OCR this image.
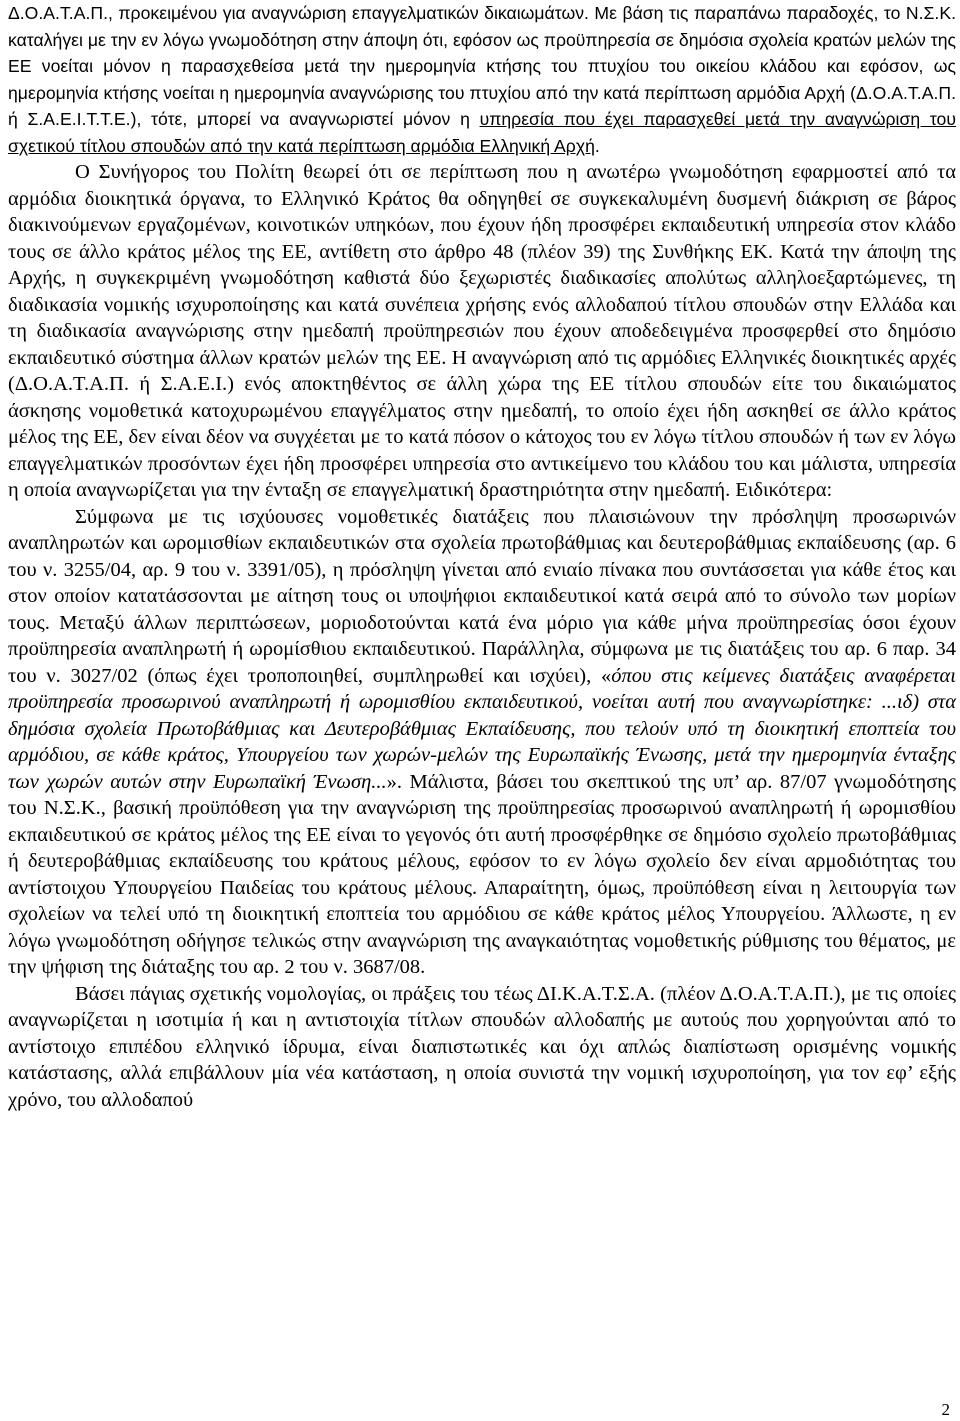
Δ.Ο.Α.Τ.Α.Π., προκειμένου για αναγνώριση επαγγελματικών δικαιωμάτων. Με βάση τις παραπάνω παραδοχές, το Ν.Σ.Κ. καταλήγει με την εν λόγω γνωμοδότηση στην άποψη ότι, εφόσον ως προϋπηρεσία σε δημόσια σχολεία κρατών μελών της ΕΕ νοείται μόνον η παρασχεθείσα μετά την ημερομηνία κτήσης του πτυχίου του οικείου κλάδου και εφόσον, ως ημερομηνία κτήσης νοείται η ημερομηνία αναγνώρισης του πτυχίου από την κατά περίπτωση αρμόδια Αρχή (Δ.Ο.Α.Τ.Α.Π. ή Σ.Α.Ε.Ι.Τ.Τ.Ε.), τότε, μπορεί να αναγνωριστεί μόνον η υπηρεσία που έχει παρασχεθεί μετά την αναγνώριση του σχετικού τίτλου σπουδών από την κατά περίπτωση αρμόδια Ελληνική Αρχή.

Ο Συνήγορος του Πολίτη θεωρεί ότι σε περίπτωση που η ανωτέρω γνωμοδότηση εφαρμοστεί από τα αρμόδια διοικητικά όργανα, το Ελληνικό Κράτος θα οδηγηθεί σε συγκεκαλυμένη δυσμενή διάκριση σε βάρος διακινούμενων εργαζομένων, κοινοτικών υπηκόων, που έχουν ήδη προσφέρει εκπαιδευτική υπηρεσία στον κλάδο τους σε άλλο κράτος μέλος της ΕΕ, αντίθετη στο άρθρο 48 (πλέον 39) της Συνθήκης ΕΚ. Κατά την άποψη της Αρχής, η συγκεκριμένη γνωμοδότηση καθιστά δύο ξεχωριστές διαδικασίες απολύτως αλληλοεξαρτώμενες, τη διαδικασία νομικής ισχυροποίησης και κατά συνέπεια χρήσης ενός αλλοδαπού τίτλου σπουδών στην Ελλάδα και τη διαδικασία αναγνώρισης στην ημεδαπή προϋπηρεσιών που έχουν αποδεδειγμένα προσφερθεί στο δημόσιο εκπαιδευτικό σύστημα άλλων κρατών μελών της ΕΕ. Η αναγνώριση από τις αρμόδιες Ελληνικές διοικητικές αρχές (Δ.Ο.Α.Τ.Α.Π. ή Σ.Α.Ε.Ι.) ενός αποκτηθέντος σε άλλη χώρα της ΕΕ τίτλου σπουδών είτε του δικαιώματος άσκησης νομοθετικά κατοχυρωμένου επαγγέλματος στην ημεδαπή, το οποίο έχει ήδη ασκηθεί σε άλλο κράτος μέλος της ΕΕ, δεν είναι δέον να συγχέεται με το κατά πόσον ο κάτοχος του εν λόγω τίτλου σπουδών ή των εν λόγω επαγγελματικών προσόντων έχει ήδη προσφέρει υπηρεσία στο αντικείμενο του κλάδου του και μάλιστα, υπηρεσία η οποία αναγνωρίζεται για την ένταξη σε επαγγελματική δραστηριότητα στην ημεδαπή. Ειδικότερα:

Σύμφωνα με τις ισχύουσες νομοθετικές διατάξεις που πλαισιώνουν την πρόσληψη προσωρινών αναπληρωτών και ωρομισθίων εκπαιδευτικών στα σχολεία πρωτοβάθμιας και δευτεροβάθμιας εκπαίδευσης (αρ. 6 του ν. 3255/04, αρ. 9 του ν. 3391/05), η πρόσληψη γίνεται από ενιαίο πίνακα που συντάσσεται για κάθε έτος και στον οποίον κατατάσσονται με αίτηση τους οι υποψήφιοι εκπαιδευτικοί κατά σειρά από το σύνολο των μορίων τους. Μεταξύ άλλων περιπτώσεων, μοριοδοτούνται κατά ένα μόριο για κάθε μήνα προϋπηρεσίας όσοι έχουν προϋπηρεσία αναπληρωτή ή ωρομίσθιου εκπαιδευτικού. Παράλληλα, σύμφωνα με τις διατάξεις του αρ. 6 παρ. 34 του ν. 3027/02 (όπως έχει τροποποιηθεί, συμπληρωθεί και ισχύει), «όπου στις κείμενες διατάξεις αναφέρεται προϋπηρεσία προσωρινού αναπληρωτή ή ωρομισθίου εκπαιδευτικού, νοείται αυτή που αναγνωρίστηκε: ...ιδ) στα δημόσια σχολεία Πρωτοβάθμιας και Δευτεροβάθμιας Εκπαίδευσης, που τελούν υπό τη διοικητική εποπτεία του αρμόδιου, σε κάθε κράτος, Υπουργείου των χωρών-μελών της Ευρωπαϊκής Ένωσης, μετά την ημερομηνία ένταξης των χωρών αυτών στην Ευρωπαϊκή Ένωση...». Μάλιστα, βάσει του σκεπτικού της υπ’ αρ. 87/07 γνωμοδότησης του Ν.Σ.Κ., βασική προϋπόθεση για την αναγνώριση της προϋπηρεσίας προσωρινού αναπληρωτή ή ωρομισθίου εκπαιδευτικού σε κράτος μέλος της ΕΕ είναι το γεγονός ότι αυτή προσφέρθηκε σε δημόσιο σχολείο πρωτοβάθμιας ή δευτεροβάθμιας εκπαίδευσης του κράτους μέλους, εφόσον το εν λόγω σχολείο δεν είναι αρμοδιότητας του αντίστοιχου Υπουργείου Παιδείας του κράτους μέλους. Απαραίτητη, όμως, προϋπόθεση είναι η λειτουργία των σχολείων να τελεί υπό τη διοικητική εποπτεία του αρμόδιου σε κάθε κράτος μέλος Υπουργείου. Άλλωστε, η εν λόγω γνωμοδότηση οδήγησε τελικώς στην αναγνώριση της αναγκαιότητας νομοθετικής ρύθμισης του θέματος, με την ψήφιση της διάταξης του αρ. 2 του ν. 3687/08.

Βάσει πάγιας σχετικής νομολογίας, οι πράξεις του τέως ΔΙ.Κ.Α.Τ.Σ.Α. (πλέον Δ.Ο.Α.Τ.Α.Π.), με τις οποίες αναγνωρίζεται η ισοτιμία ή και η αντιστοιχία τίτλων σπουδών αλλοδαπής με αυτούς που χορηγούνται από το αντίστοιχο επιπέδου ελληνικό ίδρυμα, είναι διαπιστωτικές και όχι απλώς διαπίστωση ορισμένης νομικής κατάστασης, αλλά επιβάλλουν μία νέα κατάσταση, η οποία συνιστά την νομική ισχυροποίηση, για τον εφ’ εξής χρόνο, του αλλοδαπού

2
